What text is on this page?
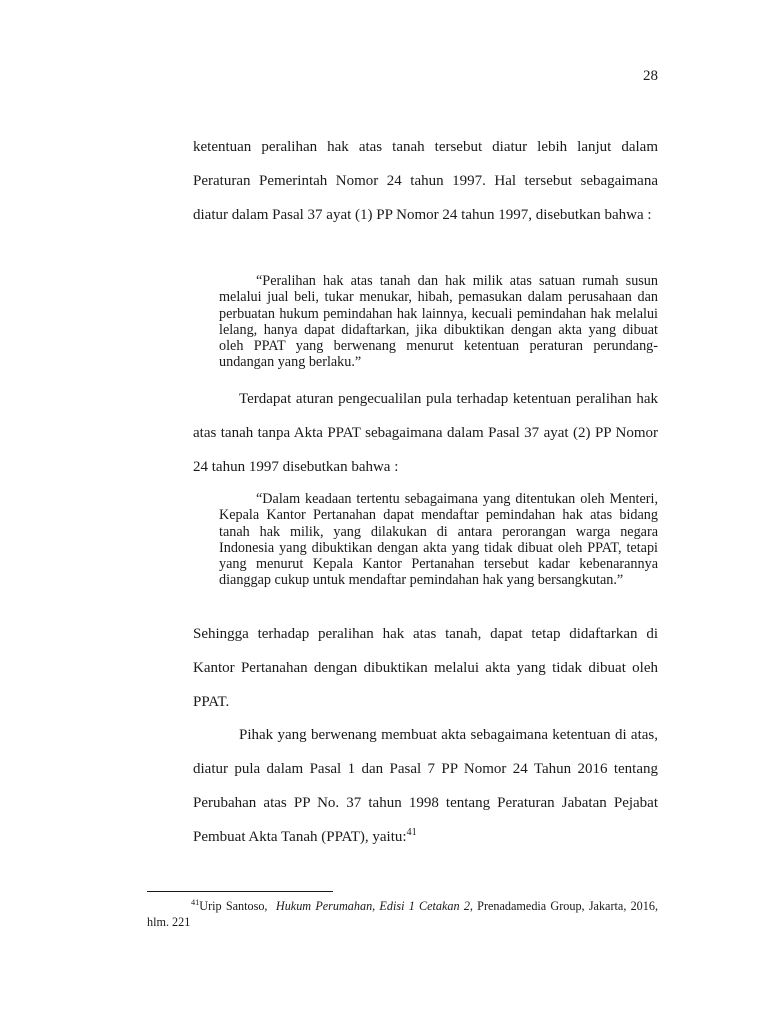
28

ketentuan peralihan hak atas tanah tersebut diatur lebih lanjut dalam Peraturan Pemerintah Nomor 24 tahun 1997. Hal tersebut sebagaimana diatur dalam Pasal 37 ayat (1) PP Nomor 24 tahun 1997, disebutkan bahwa :

“Peralihan hak atas tanah dan hak milik atas satuan rumah susun melalui jual beli, tukar menukar, hibah, pemasukan dalam perusahaan dan perbuatan hukum pemindahan hak lainnya, kecuali pemindahan hak melalui lelang, hanya dapat didaftarkan, jika dibuktikan dengan akta yang dibuat oleh PPAT yang berwenang menurut ketentuan peraturan perundang-undangan yang berlaku.”

Terdapat aturan pengecualilan pula terhadap ketentuan peralihan hak atas tanah tanpa Akta PPAT sebagaimana dalam Pasal 37 ayat (2) PP Nomor 24 tahun 1997 disebutkan bahwa :

“Dalam keadaan tertentu sebagaimana yang ditentukan oleh Menteri, Kepala Kantor Pertanahan dapat mendaftar pemindahan hak atas bidang tanah hak milik, yang dilakukan di antara perorangan warga negara Indonesia yang dibuktikan dengan akta yang tidak dibuat oleh PPAT, tetapi yang menurut Kepala Kantor Pertanahan tersebut kadar kebenarannya dianggap cukup untuk mendaftar pemindahan hak yang bersangkutan.”

Sehingga terhadap peralihan hak atas tanah, dapat tetap didaftarkan di Kantor Pertanahan dengan dibuktikan melalui akta yang tidak dibuat oleh PPAT.

Pihak yang berwenang membuat akta sebagaimana ketentuan di atas, diatur pula dalam Pasal 1 dan Pasal 7 PP Nomor 24 Tahun 2016 tentang Perubahan atas PP No. 37 tahun 1998 tentang Peraturan Jabatan Pejabat Pembuat Akta Tanah (PPAT), yaitu:$^{41}$

$^{41}$Urip Santoso, Hukum Perumahan, Edisi 1 Cetakan 2, Prenadamedia Group, Jakarta, 2016, hlm. 221
